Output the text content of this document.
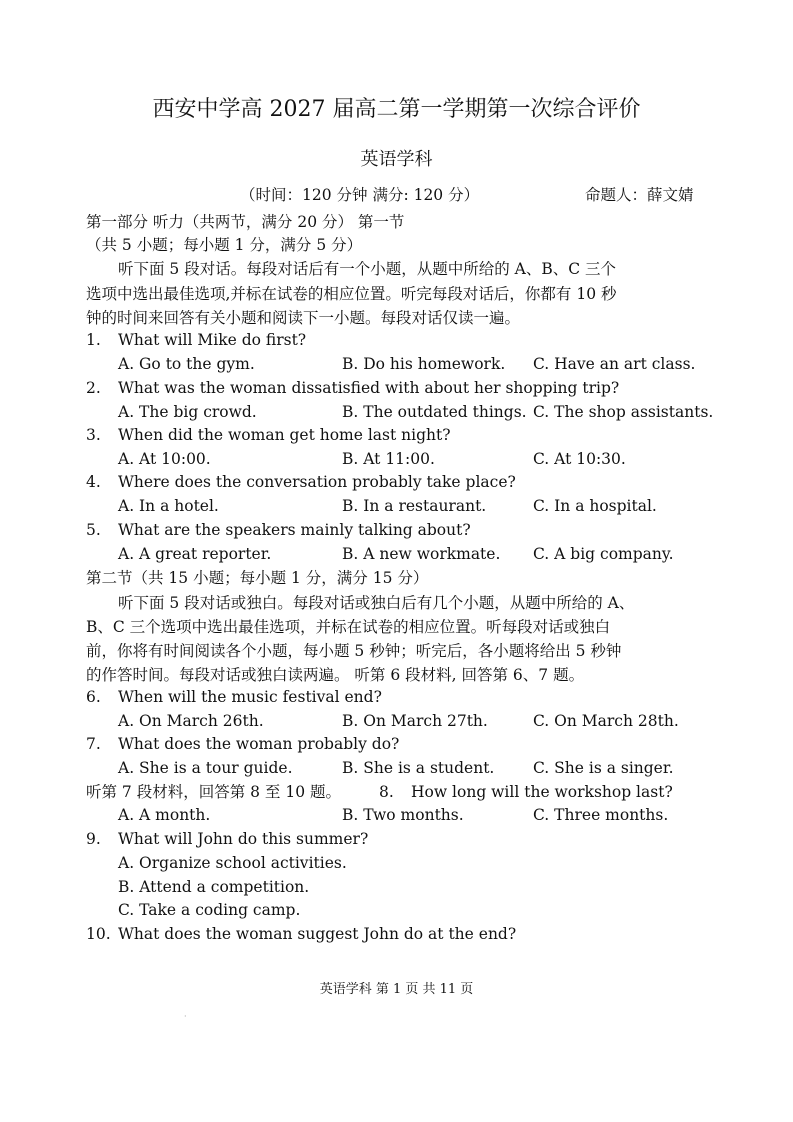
西安中学高 2027 届高二第一学期第一次综合评价
英语学科
（时间：120 分钟 满分: 120 分）	命题人：薛文婧
第一部分 听力（共两节，满分 20 分） 第一节
（共 5 小题；每小题 1 分，满分 5 分）
听下面 5 段对话。每段对话后有一个小题，从题中所给的 A、B、C 三个
选项中选出最佳选项,并标在试卷的相应位置。听完每段对话后，你都有 10 秒
钟的时间来回答有关小题和阅读下一小题。每段对话仅读一遍。
1. What will Mike do first?
A. Go to the gym.	B. Do his homework. C. Have an art class.
2. What was the woman dissatisfied with about her shopping trip?
A. The big crowd.	B. The outdated things. C. The shop assistants.
3. When did the woman get home last night?
A. At 10:00.	B. At 11:00.	C. At 10:30.
4. Where does the conversation probably take place?
A. In a hotel.	B. In a restaurant.	C. In a hospital.
5. What are the speakers mainly talking about?
A. A great reporter.	B. A new workmate. C. A big company.
第二节（共 15 小题；每小题 1 分，满分 15 分）
听下面 5 段对话或独白。每段对话或独白后有几个小题，从题中所给的 A、
B、C 三个选项中选出最佳选项，并标在试卷的相应位置。听每段对话或独白
前，你将有时间阅读各个小题，每小题 5 秒钟；听完后，各小题将给出 5 秒钟
的作答时间。每段对话或独白读两遍。 听第 6 段材料, 回答第 6、7 题。
6. When will the music festival end?
A. On March 26th.	B. On March 27th.	C. On March 28th.
7. What does the woman probably do?
A. She is a tour guide.	B. She is a student. C. She is a singer.
听第 7 段材料，回答第 8 至 10 题。 8. How long will the workshop last?
A. A month.	B. Two months.	C. Three months.
9. What will John do this summer?
A. Organize school activities.
B. Attend a competition.
C. Take a coding camp.
10. What does the woman suggest John do at the end?
英语学科 第 1 页 共 11 页
·
